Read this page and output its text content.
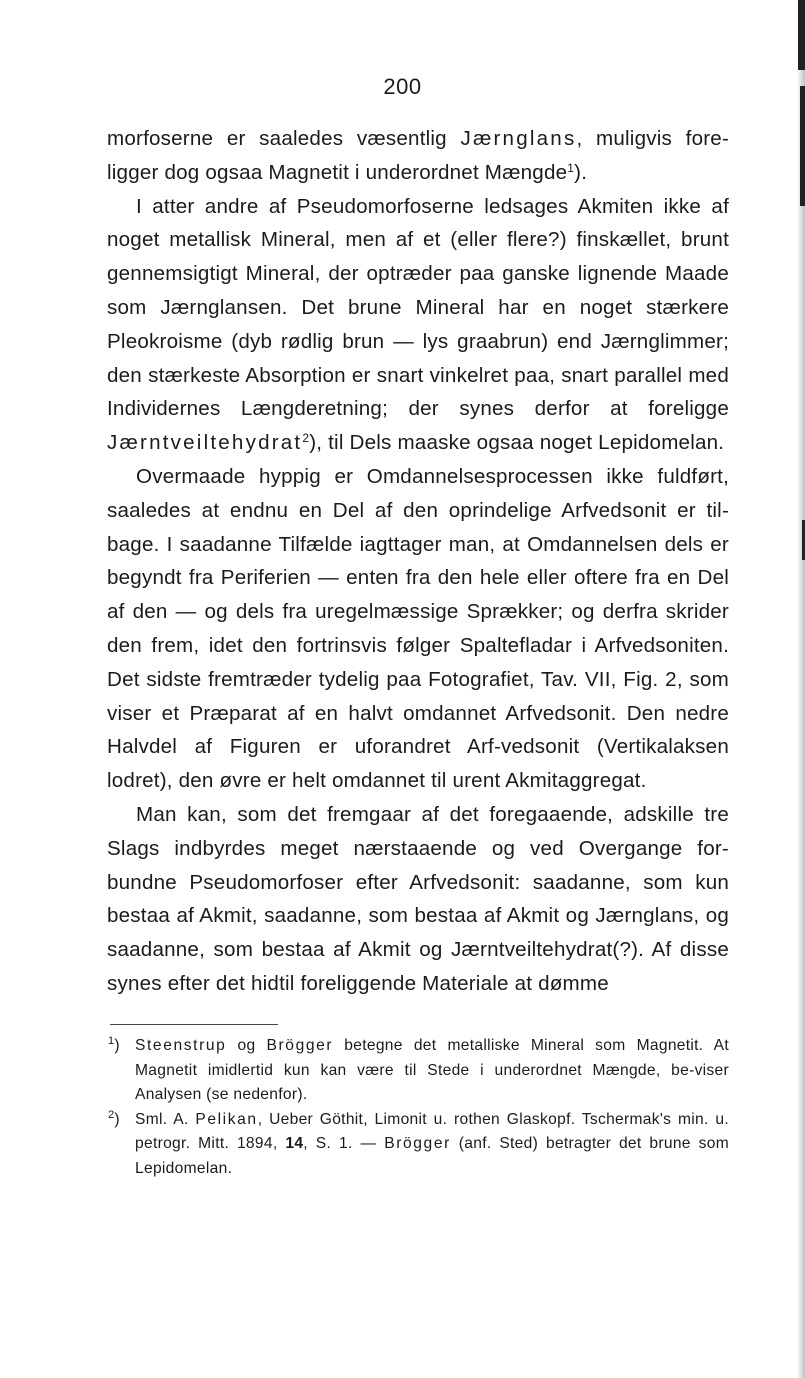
200

morfoserne er saaledes væsentlig Jærnglans, muligvis fore-ligger dog ogsaa Magnetit i underordnet Mængde$^1$).

I atter andre af Pseudomorfoserne ledsages Akmiten ikke af noget metallisk Mineral, men af et (eller flere?) finskællet, brunt gennemsigtigt Mineral, der optræder paa ganske lignende Maade som Jærnglansen. Det brune Mineral har en noget stærkere Pleokroisme (dyb rødlig brun — lys graabrun) end Jærnglimmer; den stærkeste Absorption er snart vinkelret paa, snart parallel med Individernes Længderetning; der synes derfor at foreligge Jærntveiltehydrat$^2$), til Dels maaske ogsaa noget Lepidomelan.

Overmaade hyppig er Omdannelsesprocessen ikke fuldført, saaledes at endnu en Del af den oprindelige Arfvedsonit er til-bage. I saadanne Tilfælde iagttager man, at Omdannelsen dels er begyndt fra Periferien — enten fra den hele eller oftere fra en Del af den — og dels fra uregelmæssige Sprækker; og derfra skrider den frem, idet den fortrinsvis følger Spaltefladar i Arfvedsoniten. Det sidste fremtræder tydelig paa Fotografiet, Tav. VII, Fig. 2, som viser et Præparat af en halvt omdannet Arfvedsonit. Den nedre Halvdel af Figuren er uforandret Arf-vedsonit (Vertikalaksen lodret), den øvre er helt omdannet til urent Akmitaggregat.

Man kan, som det fremgaar af det foregaaende, adskille tre Slags indbyrdes meget nærstaaende og ved Overgange for-bundne Pseudomorfoser efter Arfvedsonit: saadanne, som kun bestaa af Akmit, saadanne, som bestaa af Akmit og Jærnglans, og saadanne, som bestaa af Akmit og Jærntveiltehydrat(?). Af disse synes efter det hidtil foreliggende Materiale at dømme

$^1$) Steenstrup og Brögger betegne det metalliske Mineral som Magnetit. At Magnetit imidlertid kun kan være til Stede i underordnet Mængde, be-viser Analysen (se nedenfor).
$^2$) Sml. A. Pelikan, Ueber Göthit, Limonit u. rothen Glaskopf. Tschermak's min. u. petrogr. Mitt. 1894, 14, S. 1. — Brögger (anf. Sted) betragter det brune som Lepidomelan.
